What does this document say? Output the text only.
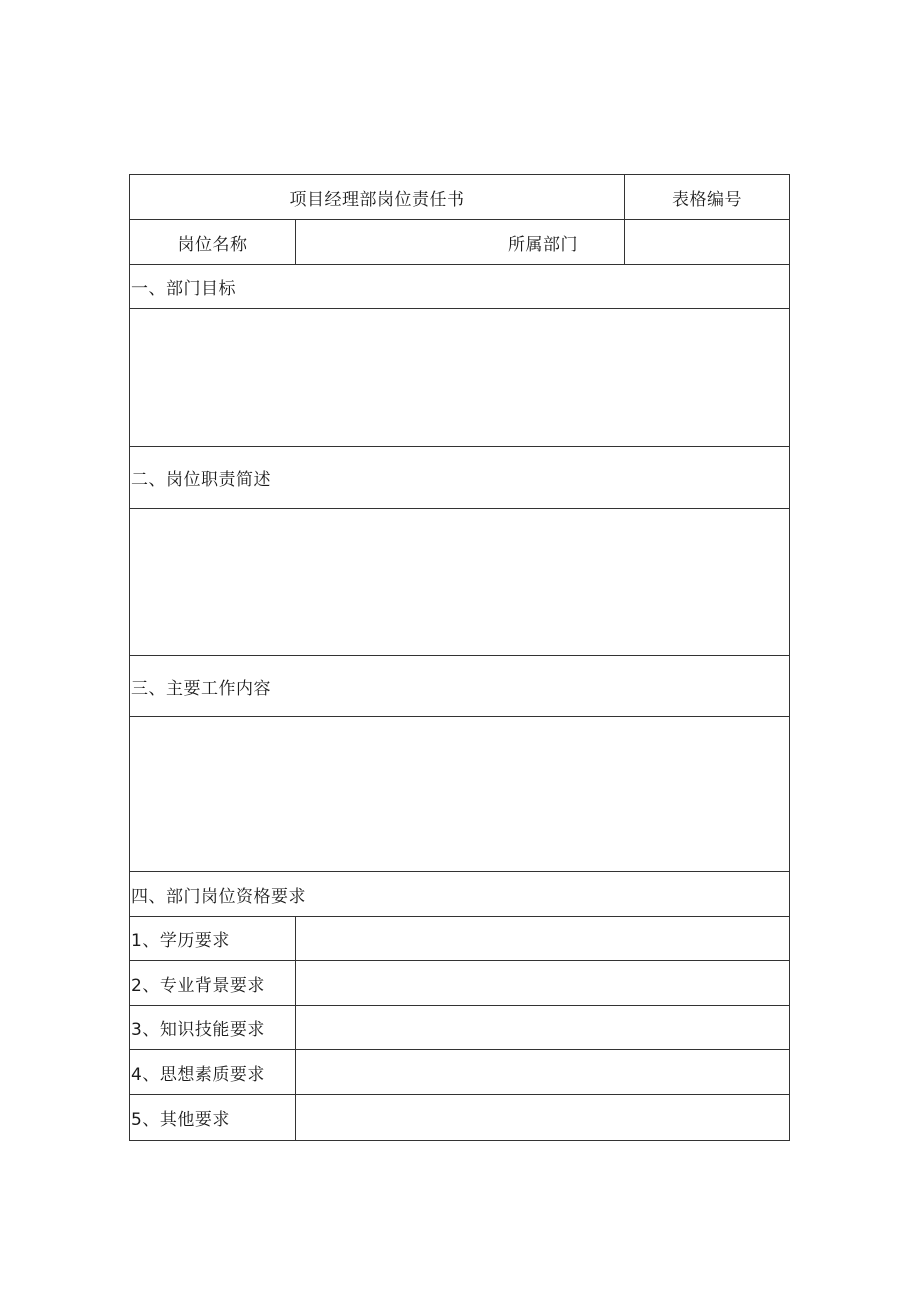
项目经理部岗位责任书	表格编号
岗位名称	所属部门
一、部门目标
二、岗位职责简述
三、主要工作内容
四、部门岗位资格要求
1、学历要求
2、专业背景要求
3、知识技能要求
4、思想素质要求
5、其他要求
